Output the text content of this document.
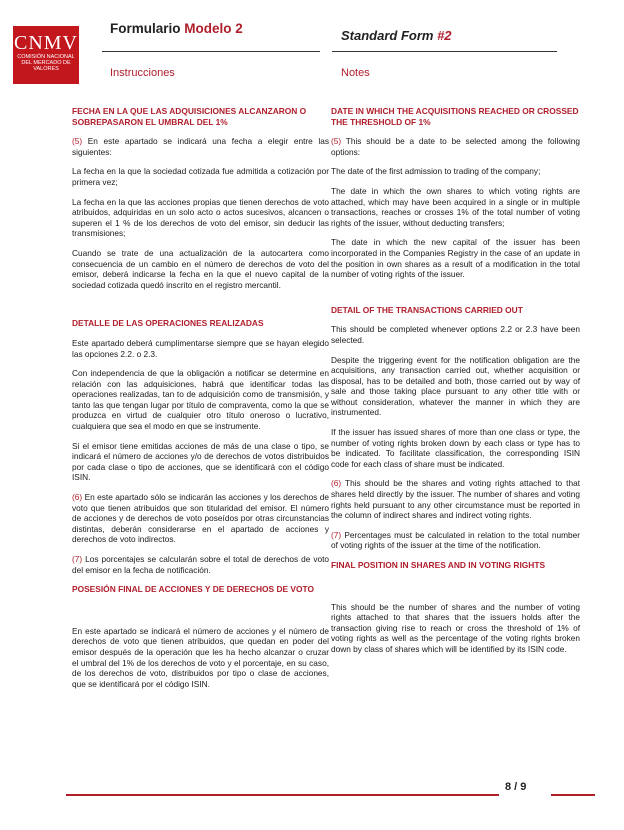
CNMV
COMISIÓN NACIONAL DEL MERCADO DE VALORES
Formulario Modelo 2	Standard Form #2
Instrucciones	Notes
FECHA EN LA QUE LAS ADQUISICIONES ALCANZARON O SOBREPASARON EL UMBRAL DEL 1%

(5) En este apartado se indicará una fecha a elegir entre las siguientes:

La fecha en la que la sociedad cotizada fue admitida a cotización por primera vez;

La fecha en la que las acciones propias que tienen derechos de voto atribuidos, adquiridas en un solo acto o actos sucesivos, alcancen o superen el 1 % de los derechos de voto del emisor, sin deducir las transmisiones;

Cuando se trate de una actualización de la autocartera como consecuencia de un cambio en el número de derechos de voto del emisor, deberá indicarse la fecha en la que el nuevo capital de la sociedad cotizada quedó inscrito en el registro mercantil.

DETALLE DE LAS OPERACIONES REALIZADAS

Este apartado deberá cumplimentarse siempre que se hayan elegido las opciones 2.2. o 2.3.

Con independencia de que la obligación a notificar se determine en relación con las adquisiciones, habrá que identificar todas las operaciones realizadas, tan to de adquisición como de transmisión, y tanto las que tengan lugar por título de compraventa, como la que se produzca en virtud de cualquier otro título oneroso o lucrativo, cualquiera que sea el modo en que se instrumente.

Si el emisor tiene emitidas acciones de más de una clase o tipo, se indicará el número de acciones y/o de derechos de votos distribuidos por cada clase o tipo de acciones, que se identificará con el código ISIN.

(6) En este apartado sólo se indicarán las acciones y los derechos de voto que tienen atribuidos que son titularidad del emisor. El número de acciones y de derechos de voto poseídos por otras circunstancias distintas, deberán considerarse en el apartado de acciones y derechos de voto indirectos.

(7) Los porcentajes se calcularán sobre el total de derechos de voto del emisor en la fecha de notificación.

POSESIÓN FINAL DE ACCIONES Y DE DERECHOS DE VOTO

En este apartado se indicará el número de acciones y el número de derechos de voto que tienen atribuidos, que quedan en poder del emisor después de la operación que les ha hecho alcanzar o cruzar el umbral del 1% de los derechos de voto y el porcentaje, en su caso, de los derechos de voto, distribuidos por tipo o clase de acciones, que se identificará por el código ISIN.

DATE IN WHICH THE ACQUISITIONS REACHED OR CROSSED THE THRESHOLD OF 1%

(5) This should be a date to be selected among the following options:

The date of the first admission to trading of the company;

The date in which the own shares to which voting rights are attached, which may have been acquired in a single or in multiple transactions, reaches or crosses 1% of the total number of voting rights of the issuer, without deducting transfers;

The date in which the new capital of the issuer has been incorporated in the Companies Registry in the case of an update in the position in own shares as a result of a modification in the total number of voting rights of the issuer.

DETAIL OF THE TRANSACTIONS CARRIED OUT

This should be completed whenever options 2.2 or 2.3 have been selected.

Despite the triggering event for the notification obligation are the acquisitions, any transaction carried out, whether acquisition or disposal, has to be detailed and both, those carried out by way of sale and those taking place pursuant to any other title with or without consideration, whatever the manner in which they are instrumented.

If the issuer has issued shares of more than one class or type, the number of voting rights broken down by each class or type has to be indicated. To facilitate classification, the corresponding ISIN code for each class of share must be indicated.

(6) This should be the shares and voting rights attached to that shares held directly by the issuer. The number of shares and voting rights held pursuant to any other circumstance must be reported in the column of indirect shares and indirect voting rights.

(7) Percentages must be calculated in relation to the total number of voting rights of the issuer at the time of the notification.

FINAL POSITION IN SHARES AND IN VOTING RIGHTS

This should be the number of shares and the number of voting rights attached to that shares that the issuers holds after the transaction giving rise to reach or cross the threshold of 1% of voting rights as well as the percentage of the voting rights broken down by class of shares which will be identified by its ISIN code.

8 / 9
